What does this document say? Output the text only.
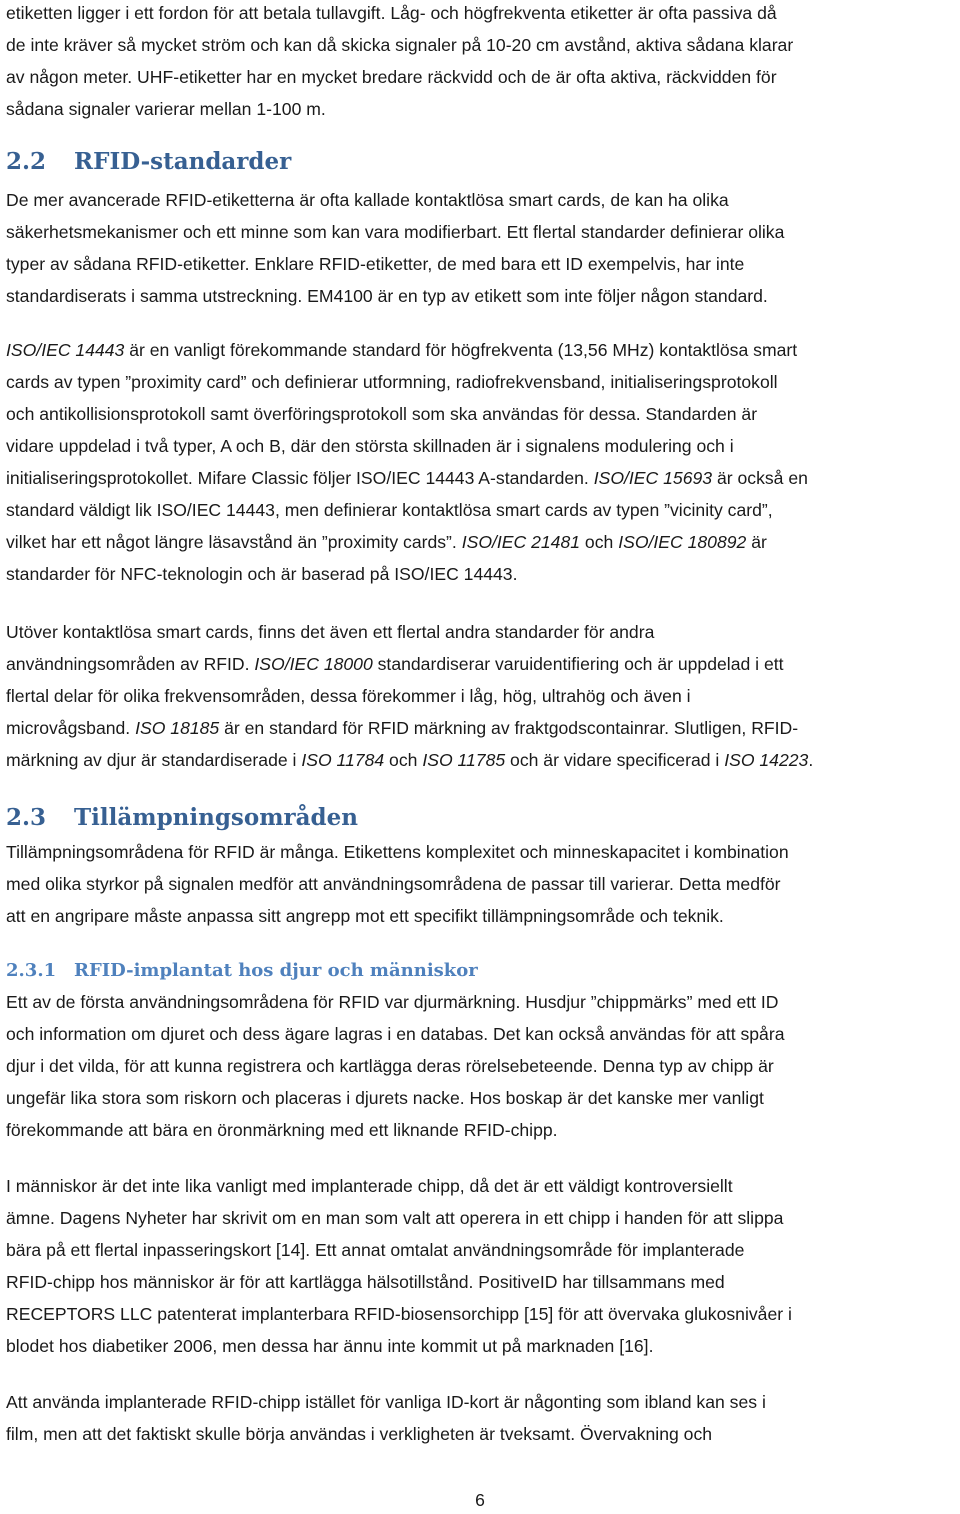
etiketten ligger i ett fordon för att betala tullavgift. Låg- och högfrekventa etiketter är ofta passiva då

de inte kräver så mycket ström och kan då skicka signaler på 10-20 cm avstånd, aktiva sådana klarar

av någon meter. UHF-etiketter har en mycket bredare räckvidd och de är ofta aktiva, räckvidden för

sådana signaler varierar mellan 1-100 m.

2.2 RFID-standarder

De mer avancerade RFID-etiketterna är ofta kallade kontaktlösa smart cards, de kan ha olika

säkerhetsmekanismer och ett minne som kan vara modifierbart. Ett flertal standarder definierar olika

typer av sådana RFID-etiketter. Enklare RFID-etiketter, de med bara ett ID exempelvis, har inte

standardiserats i samma utstreckning. EM4100 är en typ av etikett som inte följer någon standard.

ISO/IEC 14443 är en vanligt förekommande standard för högfrekventa (13,56 MHz) kontaktlösa smart

cards av typen ”proximity card” och definierar utformning, radiofrekvensband, initialiseringsprotokoll

och antikollisionsprotokoll samt överföringsprotokoll som ska användas för dessa. Standarden är

vidare uppdelad i två typer, A och B, där den största skillnaden är i signalens modulering och i

initialiseringsprotokollet. Mifare Classic följer ISO/IEC 14443 A-standarden. ISO/IEC 15693 är också en

standard väldigt lik ISO/IEC 14443, men definierar kontaktlösa smart cards av typen ”vicinity card”,

vilket har ett något längre läsavstånd än ”proximity cards”. ISO/IEC 21481 och ISO/IEC 180892 är

standarder för NFC-teknologin och är baserad på ISO/IEC 14443.

Utöver kontaktlösa smart cards, finns det även ett flertal andra standarder för andra

användningsområden av RFID. ISO/IEC 18000 standardiserar varuidentifiering och är uppdelad i ett

flertal delar för olika frekvensområden, dessa förekommer i låg, hög, ultrahög och även i

microvågsband. ISO 18185 är en standard för RFID märkning av fraktgodscontainrar. Slutligen, RFID-

märkning av djur är standardiserade i ISO 11784 och ISO 11785 och är vidare specificerad i ISO 14223.

2.3 Tillämpningsområden

Tillämpningsområdena för RFID är många. Etikettens komplexitet och minneskapacitet i kombination

med olika styrkor på signalen medför att användningsområdena de passar till varierar. Detta medför

att en angripare måste anpassa sitt angrepp mot ett specifikt tillämpningsområde och teknik.

2.3.1 RFID-implantat hos djur och människor

Ett av de första användningsområdena för RFID var djurmärkning. Husdjur ”chippmärks” med ett ID

och information om djuret och dess ägare lagras i en databas. Det kan också användas för att spåra

djur i det vilda, för att kunna registrera och kartlägga deras rörelsebeteende. Denna typ av chipp är

ungefär lika stora som riskorn och placeras i djurets nacke. Hos boskap är det kanske mer vanligt

förekommande att bära en öronmärkning med ett liknande RFID-chipp.

I människor är det inte lika vanligt med implanterade chipp, då det är ett väldigt kontroversiellt

ämne. Dagens Nyheter har skrivit om en man som valt att operera in ett chipp i handen för att slippa

bära på ett flertal inpasseringskort [14]. Ett annat omtalat användningsområde för implanterade

RFID-chipp hos människor är för att kartlägga hälsotillstånd. PositiveID har tillsammans med

RECEPTORS LLC patenterat implanterbara RFID-biosensorchipp [15] för att övervaka glukosnivåer i

blodet hos diabetiker 2006, men dessa har ännu inte kommit ut på marknaden [16].

Att använda implanterade RFID-chipp istället för vanliga ID-kort är någonting som ibland kan ses i

film, men att det faktiskt skulle börja användas i verkligheten är tveksamt. Övervakning och

6
